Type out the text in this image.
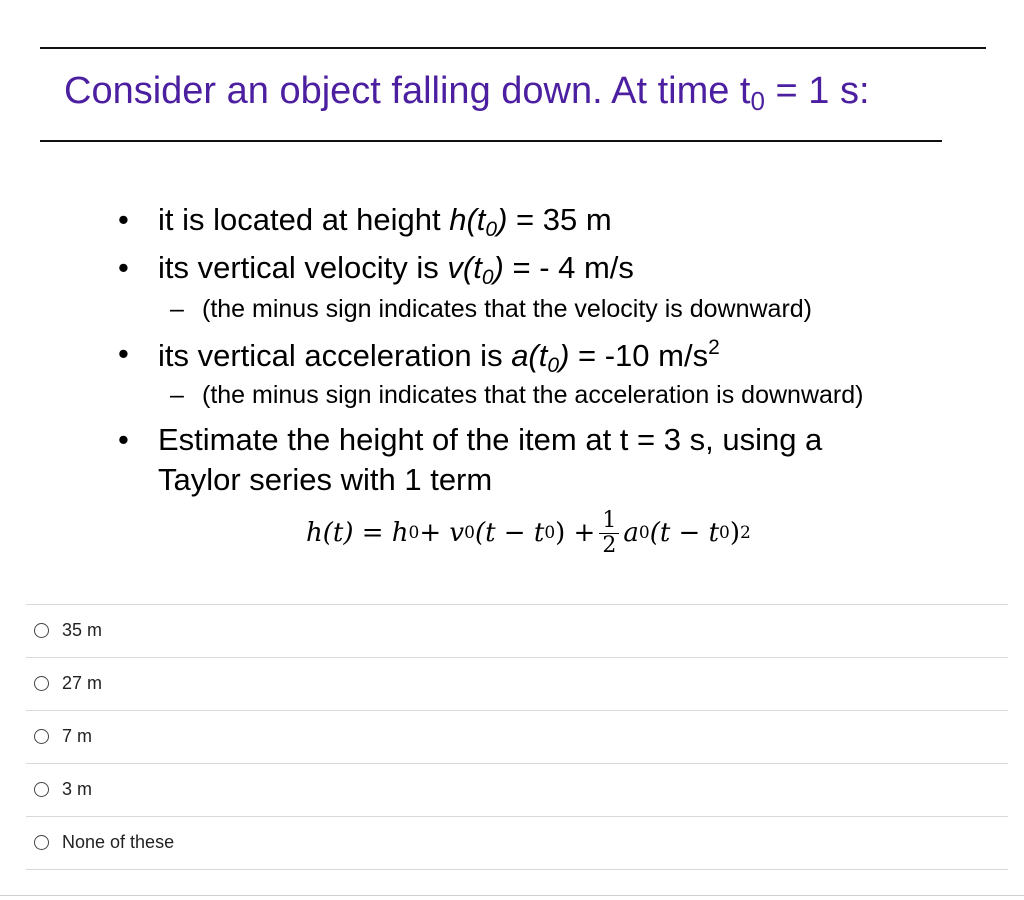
Consider an object falling down. At time $t_0 = 1$ s:
• it is located at height $h(t_0) = 35$ m
• its vertical velocity is $v(t_0)$ = - 4 m/s
– (the minus sign indicates that the velocity is downward)
• its vertical acceleration is $a(t_0) = -10$ $m/s^2$
– (the minus sign indicates that the acceleration is downward)
• Estimate the height of the item at t = 3 s, using a Taylor series with 1 term
h(t) = h 0 + v 0 (t − t 0 ) + $\frac{1}{2}$ a 0 (t − t 0 ) 2
35 m
27 m
7 m
3 m
None of these
